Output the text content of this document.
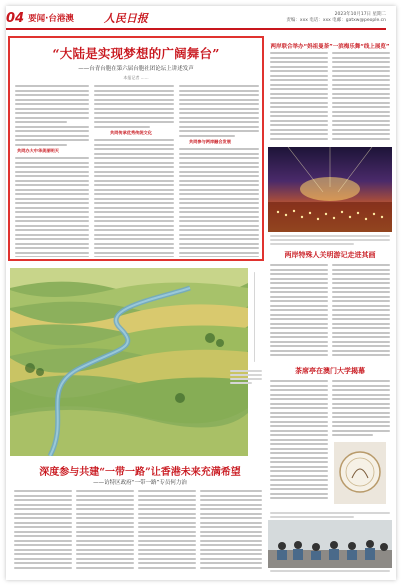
04 要闻·台港澳	人民日报	2023年10月17日 星期二
责编：xxx 电话：xxx 电邮：gatxw@people.cn
“大陆是实现梦想的广阔舞台”
——台青台胞在第六届台胞社团论坛上讲述发声
本报记者 ……
共同办大中华美丽明天
共同传承优秀传统文化
共同参与两岸融合发展
两岸联合举办“妈祖曼荼”一滨梅乐舞“线上展览”
两岸特殊人关明游记走进其画
茶席亭在澳门大学揭幕
深度参与共建“一带一路”让香港未来充满希望
——访特区政府“一带一路”专员何力治
